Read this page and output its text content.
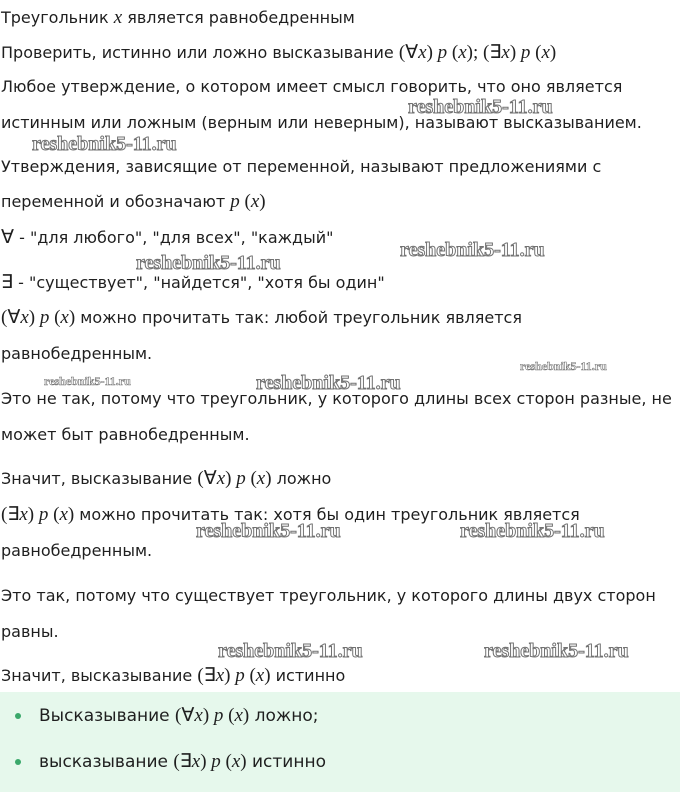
Треугольник x является равнобедренным
Проверить, истинно или ложно высказывание (∀x) p (x); (∃x) p (x)
Любое утверждение, о котором имеет смысл говорить, что оно является
истинным или ложным (верным или неверным), называют высказыванием.
Утверждения, зависящие от переменной, называют предложениями с
переменной и обозначают p (x)
∀ - "для любого", "для всех", "каждый"
∃ - "существует", "найдется", "хотя бы один"
(∀x) p (x) можно прочитать так: любой треугольник является
равнобедренным.
Это не так, потому что треугольник, у которого длины всех сторон разные, не
может быт равнобедренным.
Значит, высказывание (∀x) p (x) ложно
(∃x) p (x) можно прочитать так: хотя бы один треугольник является
равнобедренным.
Это так, потому что существует треугольник, у которого длины двух сторон
равны.
Значит, высказывание (∃x) p (x) истинно
Высказывание (∀x) p (x) ложно;
высказывание (∃x) p (x) истинно
reshebnik5-11.ru
reshebnik5-11.ru
reshebnik5-11.ru
reshebnik5-11.ru
reshebnik5-11.ru
reshebnik5-11.ru	reshebnik5-11.ru
reshebnik5-11.ru	reshebnik5-11.ru
reshebnik5-11.ru	reshebnik5-11.ru
